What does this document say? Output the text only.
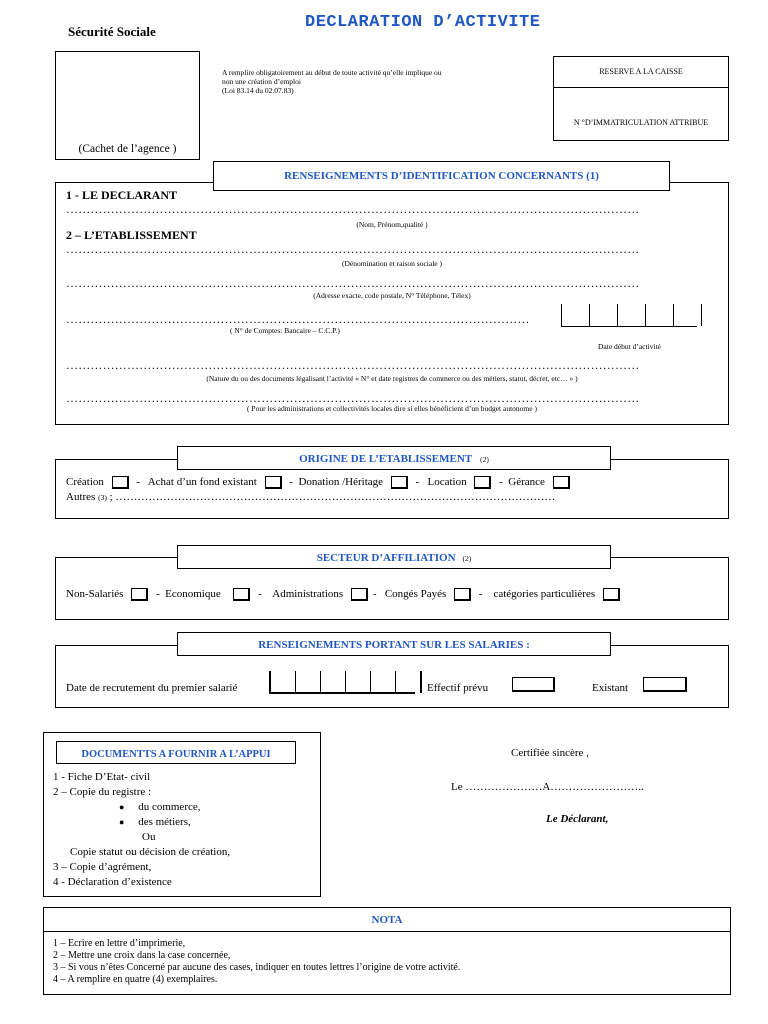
Sécurité Sociale	DECLARATION D’ACTIVITE
(Cachet de l’agence )
A remplire obligatoirement au début de toute activité qu’elle implique ou
non une création d’emploi
(Loi 83.14 du 02.07.83)
RESERVE A LA CAISSE
N °D’IMMATRICULATION ATTRIBUE
RENSEIGNEMENTS D’IDENTIFICATION CONCERNANTS (1)
1 - LE DECLARANT
……………………………………………………………………………………………………………………………
(Nom, Prénom,qualité )
2 – L’ETABLISSEMENT
……………………………………………………………………………………………………………………………
(Dénomination et raison sociale )
……………………………………………………………………………………………………………………………
(Adresse exacte, code postale, N° Téléphone, Télex)
……………………………………………………………………………………………………
( N° de Comptes: Bancaire – C.C.P.)
Date début d’activité
……………………………………………………………………………………………………………………………
(Nature du ou des documents légalisant l’activité « N° et date registres de commerce ou des métiers, statut, décret, etc… » )
……………………………………………………………………………………………………………………………
( Pour les administrations et collectivités locales dire si elles bénéficient d’un budget autonome )
ORIGINE DE L’ETABLISSEMENT (2)
Création	-   Achat d’un fond existant	-  Donation /Héritage	-   Location	-  Gérance
Autres (3) ; …………………………………………………………………………………………………………
SECTEUR D’AFFILIATION (2)
Non-Salariés	-  Economique	-    Administrations	-   Congés Payés	-    catégories particulières
RENSEIGNEMENTS PORTANT SUR LES SALARIES :
Date de recrutement du premier salarié	Effectif prévu	Existant
DOCUMENTTS A FOURNIR A L’APPUI
1 - Fiche D’Etat- civil
2 – Copie du registre :
● du commerce,
● des métiers,
Ou
Copie statut ou décision de création,
3 – Copie d’agrément,
4 - Déclaration d’existence
Certifiée sincère ,
Le …………………A……………………..
Le Déclarant,
NOTA
1 – Ecrire en lettre d’imprimerie,
2 – Mettre une croix dans la case concernée,
3 – Si vous n’êtes Concerné par aucune des cases, indiquer en toutes lettres l’origine de votre activité.
4 – A remplire en quatre (4) exemplaires.
